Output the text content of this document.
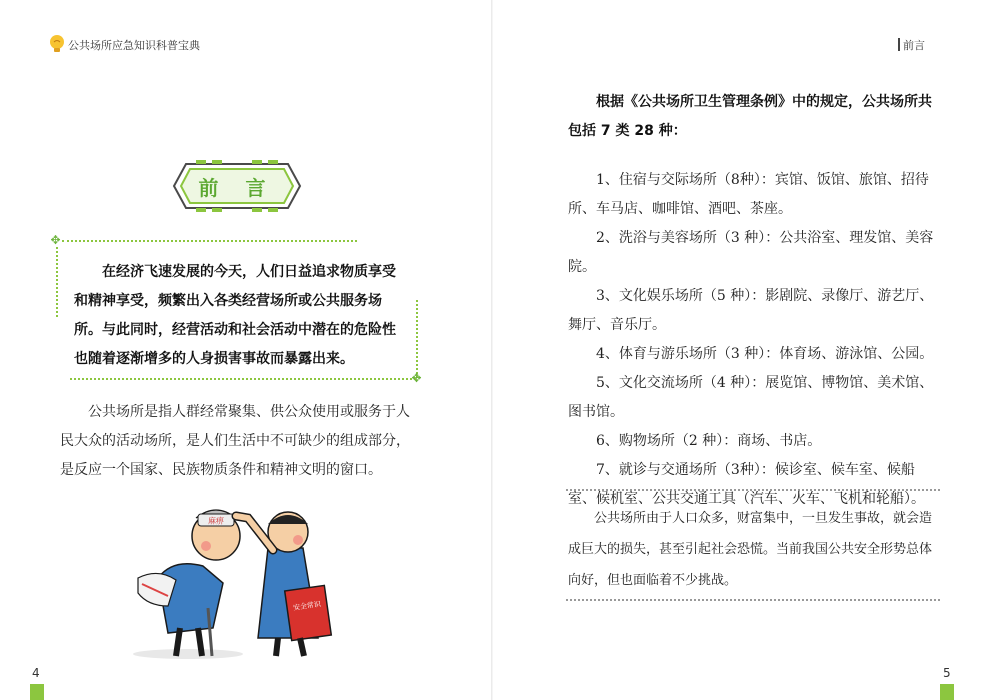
公共场所应急知识科普宝典	前言
前 言
✥
✥

在经济飞速发展的今天，人们日益追求物质享受和精神享受，频繁出入各类经营场所或公共服务场所。与此同时，经营活动和社会活动中潜在的危险性也随着逐渐增多的人身损害事故而暴露出来。

公共场所是指人群经常聚集、供公众使用或服务于人民大众的活动场所，是人们生活中不可缺少的组成部分，是反应一个国家、民族物质条件和精神文明的窗口。

麻痹
安全常识

根据《公共场所卫生管理条例》中的规定，公共场所共包括 7 类 28 种：

1、住宿与交际场所（8种）：宾馆、饭馆、旅馆、招待所、车马店、咖啡馆、酒吧、茶座。

2、洗浴与美容场所（3 种）：公共浴室、理发馆、美容院。

3、文化娱乐场所（5 种）：影剧院、录像厅、游艺厅、舞厅、音乐厅。

4、体育与游乐场所（3 种）：体育场、游泳馆、公园。

5、文化交流场所（4 种）：展览馆、博物馆、美术馆、图书馆。

6、购物场所（2 种）：商场、书店。

7、就诊与交通场所（3种）：候诊室、候车室、候船室、候机室、公共交通工具（汽车、火车、飞机和轮船）。

公共场所由于人口众多，财富集中，一旦发生事故，就会造成巨大的损失，甚至引起社会恐慌。当前我国公共安全形势总体向好，但也面临着不少挑战。

4	5
